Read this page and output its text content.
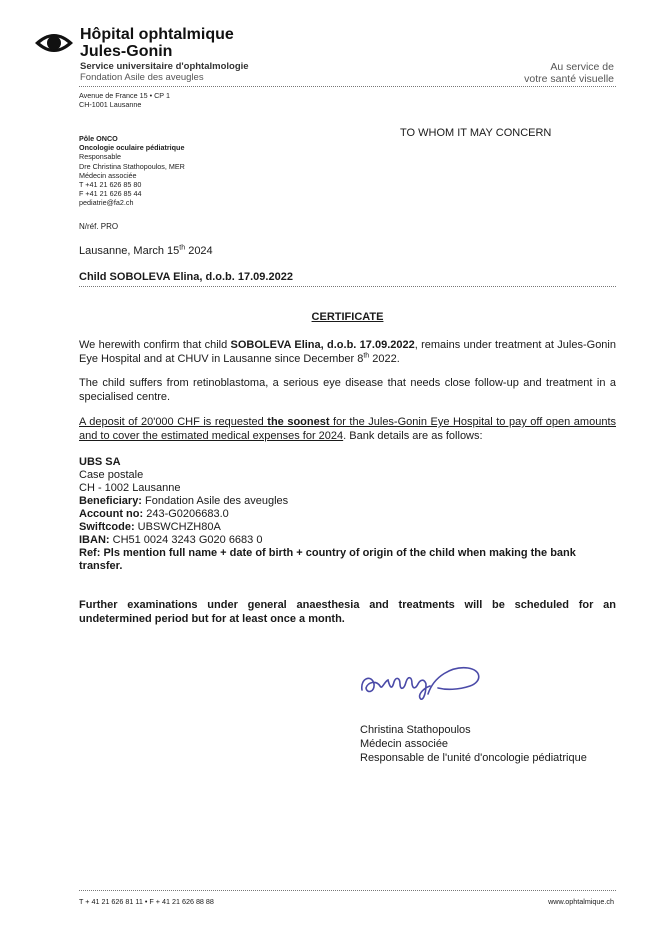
Hôpital ophtalmique
Jules-Gonin
Service universitaire d'ophtalmologie
Fondation Asile des aveugles
Au service de
votre santé visuelle
Avenue de France 15 • CP 1
CH-1001 Lausanne
Pôle ONCO
Oncologie oculaire pédiatrique
Responsable
Dre Christina Stathopoulos, MER
Médecin associée
T +41 21 626 85 80
F +41 21 626 85 44
pediatrie@fa2.ch
TO WHOM IT MAY CONCERN
N/réf. PRO
Lausanne, March 15th 2024
Child SOBOLEVA Elina, d.o.b. 17.09.2022
CERTIFICATE
We herewith confirm that child SOBOLEVA Elina, d.o.b. 17.09.2022, remains under treatment at Jules-Gonin Eye Hospital and at CHUV in Lausanne since December 8th 2022.
The child suffers from retinoblastoma, a serious eye disease that needs close follow-up and treatment in a specialised centre.
A deposit of 20'000 CHF is requested the soonest for the Jules-Gonin Eye Hospital to pay off open amounts and to cover the estimated medical expenses for 2024. Bank details are as follows:
UBS SA
Case postale
CH - 1002 Lausanne
Beneficiary: Fondation Asile des aveugles
Account no: 243-G0206683.0
Swiftcode: UBSWCHZH80A
IBAN: CH51 0024 3243 G020 6683 0
Ref: Pls mention full name + date of birth + country of origin of the child when making the bank transfer.
Further examinations under general anaesthesia and treatments will be scheduled for an undetermined period but for at least once a month.
Christina Stathopoulos
Médecin associée
Responsable de l'unité d'oncologie pédiatrique
T + 41 21 626 81 11 • F + 41 21 626 88 88	www.ophtalmique.ch
